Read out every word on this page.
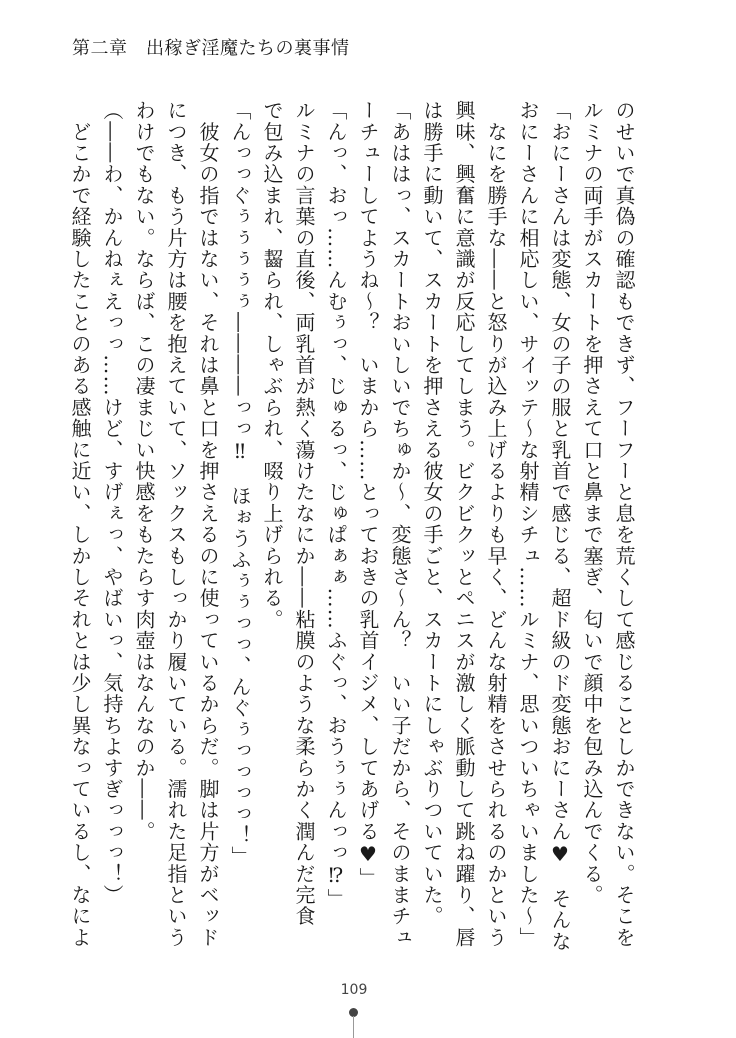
第二章　出稼ぎ淫魔たちの裏事情
のせいで真偽の確認もできず、フーフーと息を荒くして感じることしかできない。そこを
ルミナの両手がスカートを押さえて口と鼻まで塞ぎ、匂いで顔中を包み込んでくる。
「おにーさんは変態、女の子の服と乳首で感じる、超ド級のド変態おにーさん♥　そんな
おにーさんに相応しい、サイッテ～な射精シチュ……ルミナ、思いついちゃいました～」
　なにを勝手な――と怒りが込み上げるよりも早く、どんな射精をさせられるのかという
興味、興奮に意識が反応してしまう。ビクビクッとペニスが激しく脈動して跳ね躍り、唇
は勝手に動いて、スカートを押さえる彼女の手ごと、スカートにしゃぶりついていた。
「あははっ、スカートおいしいでちゅか～、変態さ～ん？　いい子だから、そのままチュ
ーチューしてようね～？　いまから……とっておきの乳首イジメ、してあげる♥」
「んっ、おっ……んむぅっ、じゅるっ、じゅぱぁぁ……ふぐっ、おうぅぅんっっ⁉」
ルミナの言葉の直後、両乳首が熱く蕩けたなにか――粘膜のような柔らかく潤んだ完食
で包み込まれ、齧られ、しゃぶられ、啜り上げられる。
「んっっぐぅぅぅぅぅ――――っっ‼　ほぉうふぅぅっっ、んぐぅっっっっ！」
　彼女の指ではない、それは鼻と口を押さえるのに使っているからだ。脚は片方がベッド
につき、もう片方は腰を抱えていて、ソックスもしっかり履いている。濡れた足指という
わけでもない。ならば、この凄まじい快感をもたらす肉壺はなんなのか――。
（――わ、かんねぇえっっ……けど、すげぇっ、やばいっ、気持ちよすぎっっっ！）
　どこかで経験したことのある感触に近い、しかしそれとは少し異なっているし、なによ
109
